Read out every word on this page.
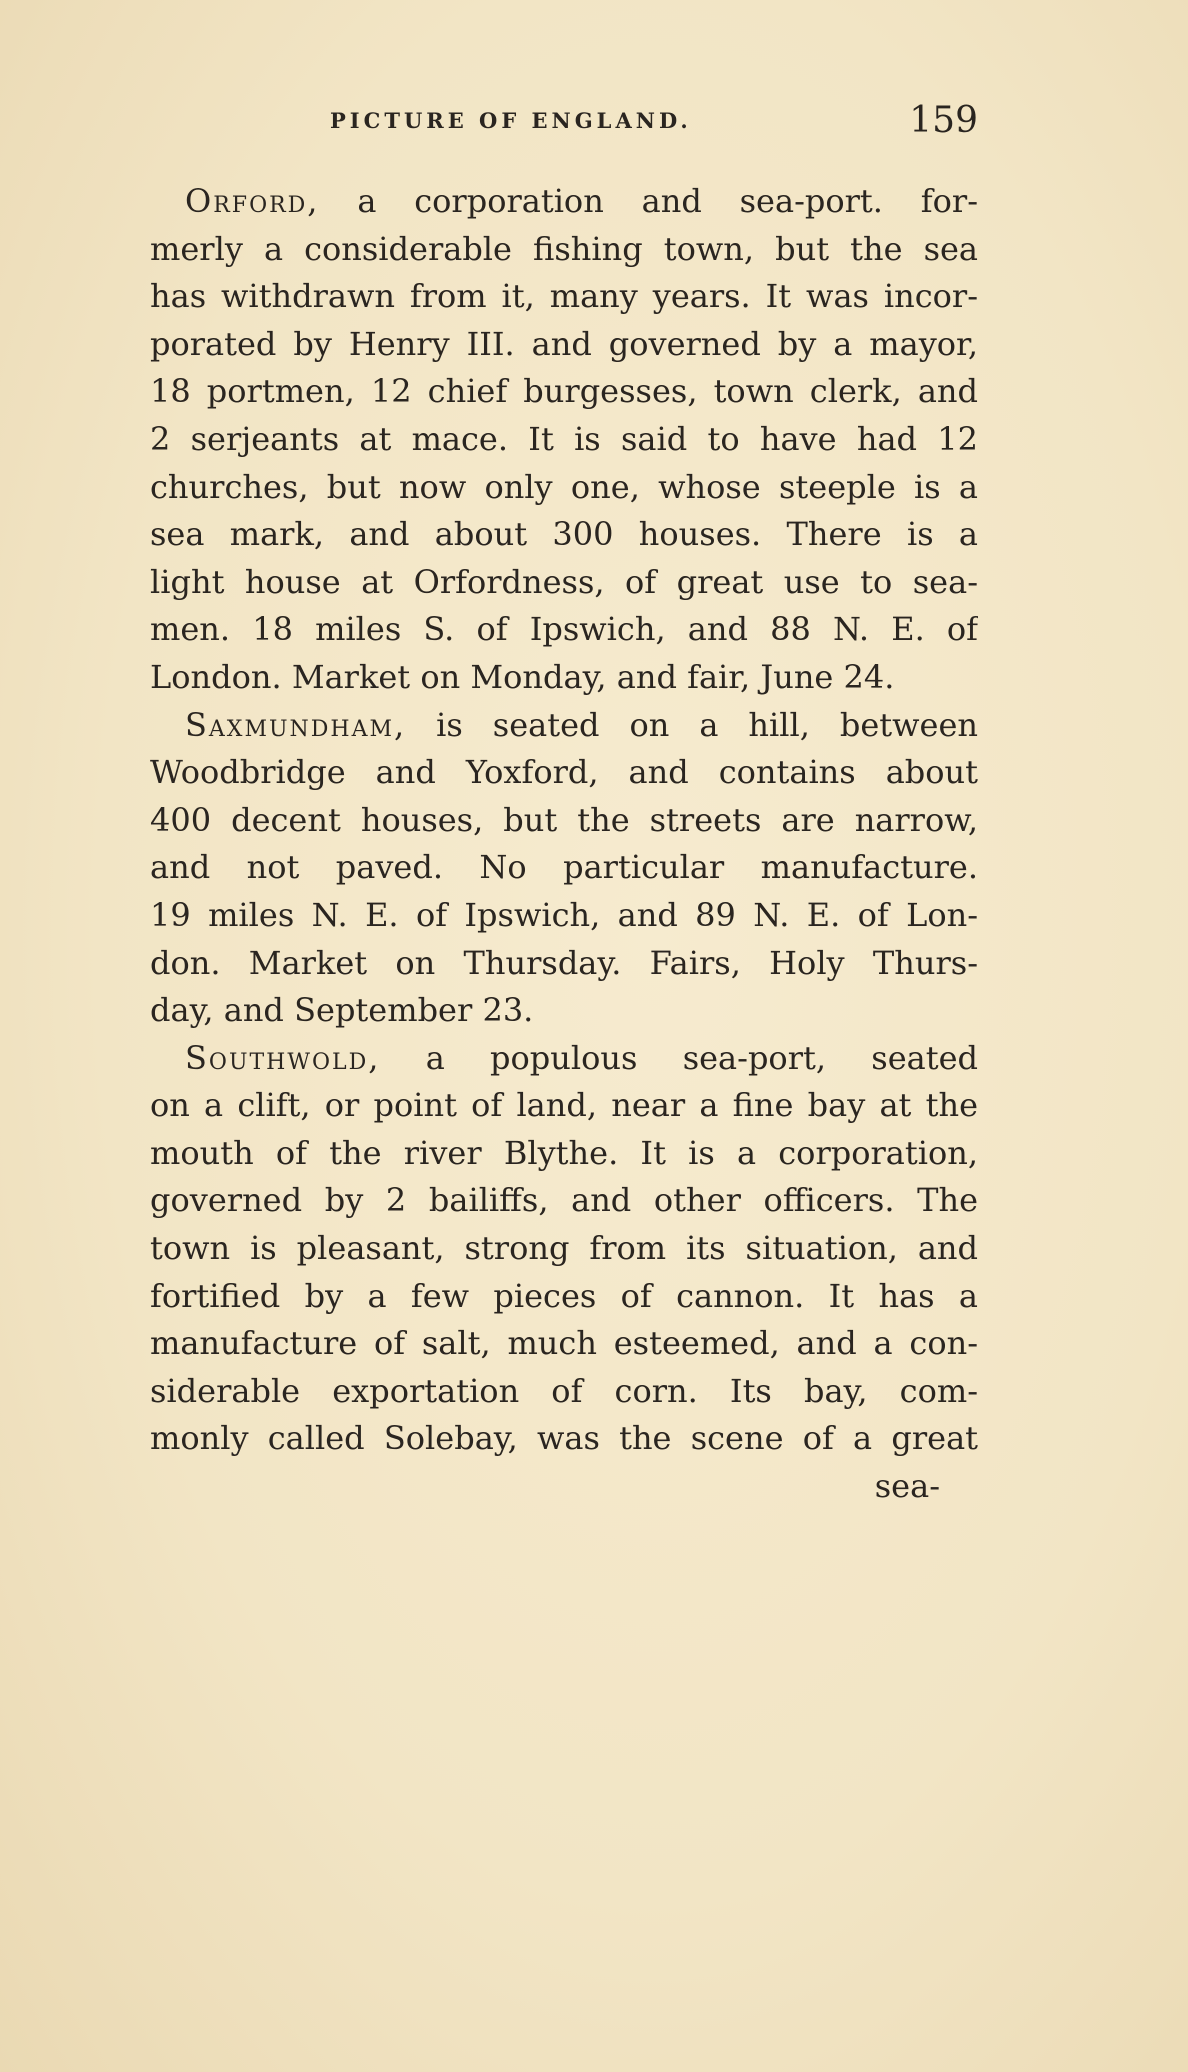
PICTURE OF ENGLAND.	159
Orford, a corporation and sea-port. for-
merly a considerable fishing town, but the sea
has withdrawn from it, many years. It was incor-
porated by Henry III. and governed by a mayor,
18 portmen, 12 chief burgesses, town clerk, and
2 serjeants at mace. It is said to have had 12
churches, but now only one, whose steeple is a
sea mark, and about 300 houses. There is a
light house at Orfordness, of great use to sea-
men. 18 miles S. of Ipswich, and 88 N. E. of
London. Market on Monday, and fair, June 24.
Saxmundham, is seated on a hill, between
Woodbridge and Yoxford, and contains about
400 decent houses, but the streets are narrow,
and not paved. No particular manufacture.
19 miles N. E. of Ipswich, and 89 N. E. of Lon-
don. Market on Thursday. Fairs, Holy Thurs-
day, and September 23.
Southwold, a populous sea-port, seated
on a clift, or point of land, near a fine bay at the
mouth of the river Blythe. It is a corporation,
governed by 2 bailiffs, and other officers. The
town is pleasant, strong from its situation, and
fortified by a few pieces of cannon. It has a
manufacture of salt, much esteemed, and a con-
siderable exportation of corn. Its bay, com-
monly called Solebay, was the scene of a great
sea-
